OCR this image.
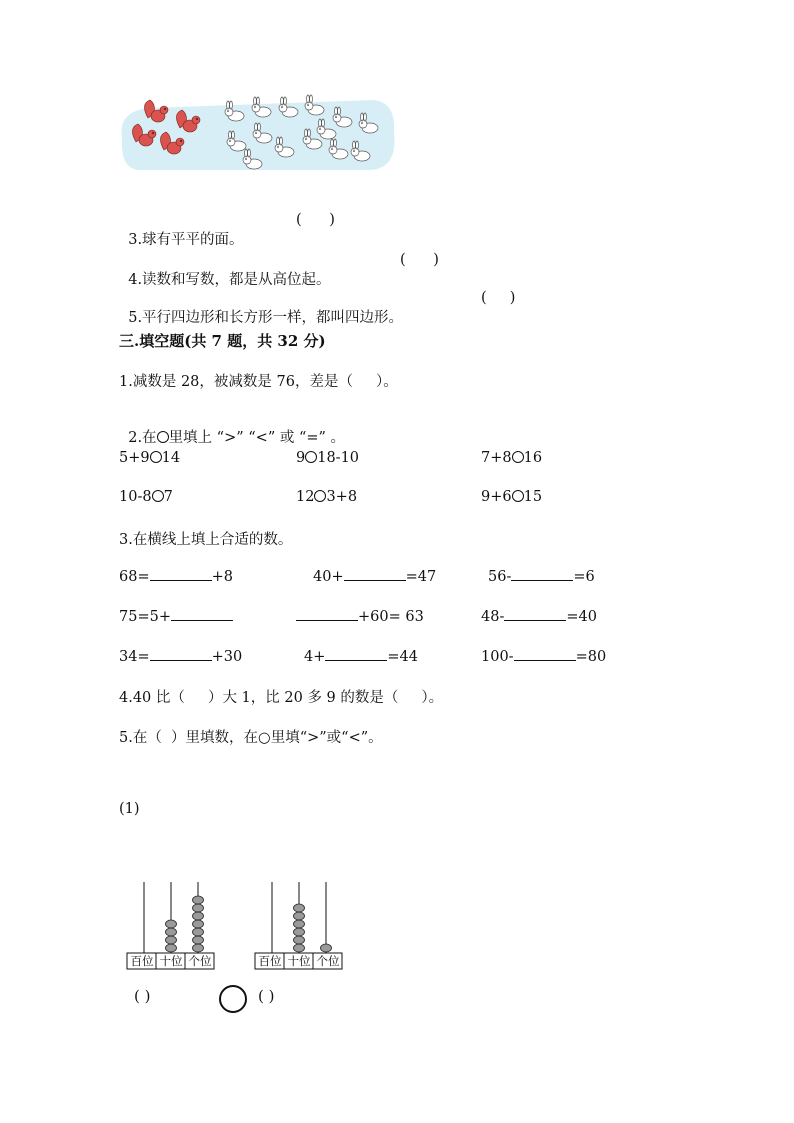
3.球有平平的面。

(      )

4.读数和写数，都是从高位起。

(      )

5.平行四边形和长方形一样，都叫四边形。

(     )
三.填空题(共 7 题，共 32 分)
1.减数是 28，被减数是 76，差是（     ）。

2.在 里填上 “>” “<” 或 “=” 。

5+9 14	9 18-10	7+8 16
10-8 7	12 3+8	9+6 15
3.在横线上填上合适的数。
68=	+8	40+	=47	56-	=6
75=5+	+60= 63	48-	=40
34=	+30	4+	=44	100-	=80
4.40 比（     ）大 1，比 20 多 9 的数是（     ）。
5.在（  ）里填数，在○里填“>”或“<”。
(1)
百位 十位 个位	百位 十位 个位
( )	( )
